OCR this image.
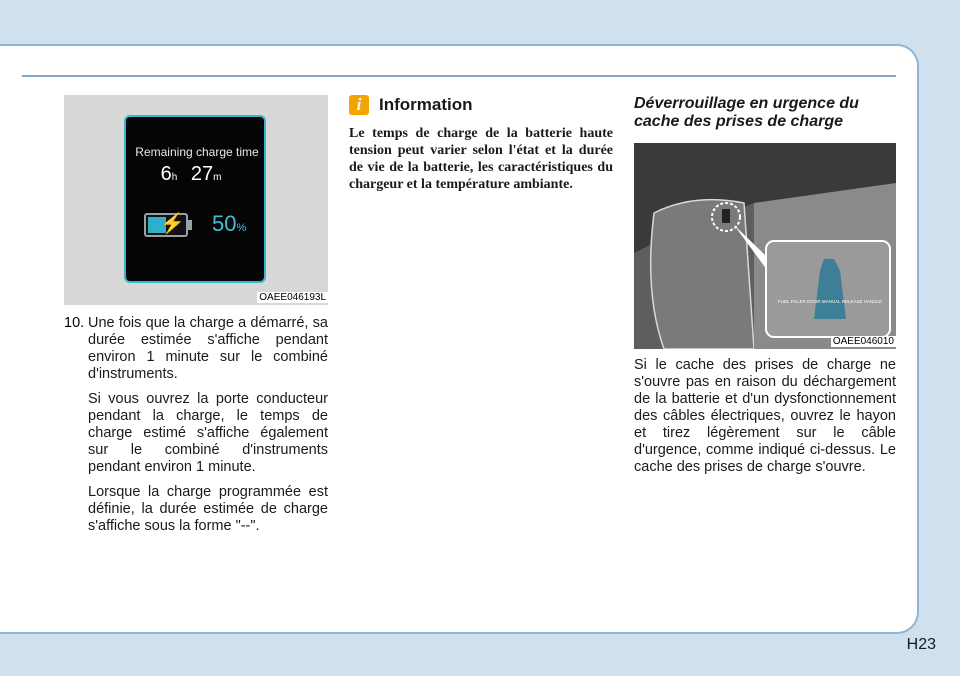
Remaining charge time
6h 27m
⚡ 50%
OAEE046193L
10. Une fois que la charge a démarré, sa durée estimée s'affiche pendant environ 1 minute sur le combiné d'instruments.

Si vous ouvrez la porte conducteur pendant la charge, le temps de charge estimé s'affiche également sur le combiné d'instruments pendant environ 1 minute.

Lorsque la charge programmée est définie, la durée estimée de charge s'affiche sous la forme "--".

i	Information
Le temps de charge de la batterie haute tension peut varier selon l'état et la durée de vie de la batterie, les caractéristiques du chargeur et la température ambiante.
Déverrouillage en urgence du cache des prises de charge
FUEL FILLER DOOR MANUAL RELEASE HANDLE
OAEE046010

Si le cache des prises de charge ne s'ouvre pas en raison du déchargement de la batterie et d'un dysfonctionnement des câbles électriques, ouvrez le hayon et tirez légèrement sur le câble d'urgence, comme indiqué ci-dessus. Le cache des prises de charge s'ouvre.

H23
